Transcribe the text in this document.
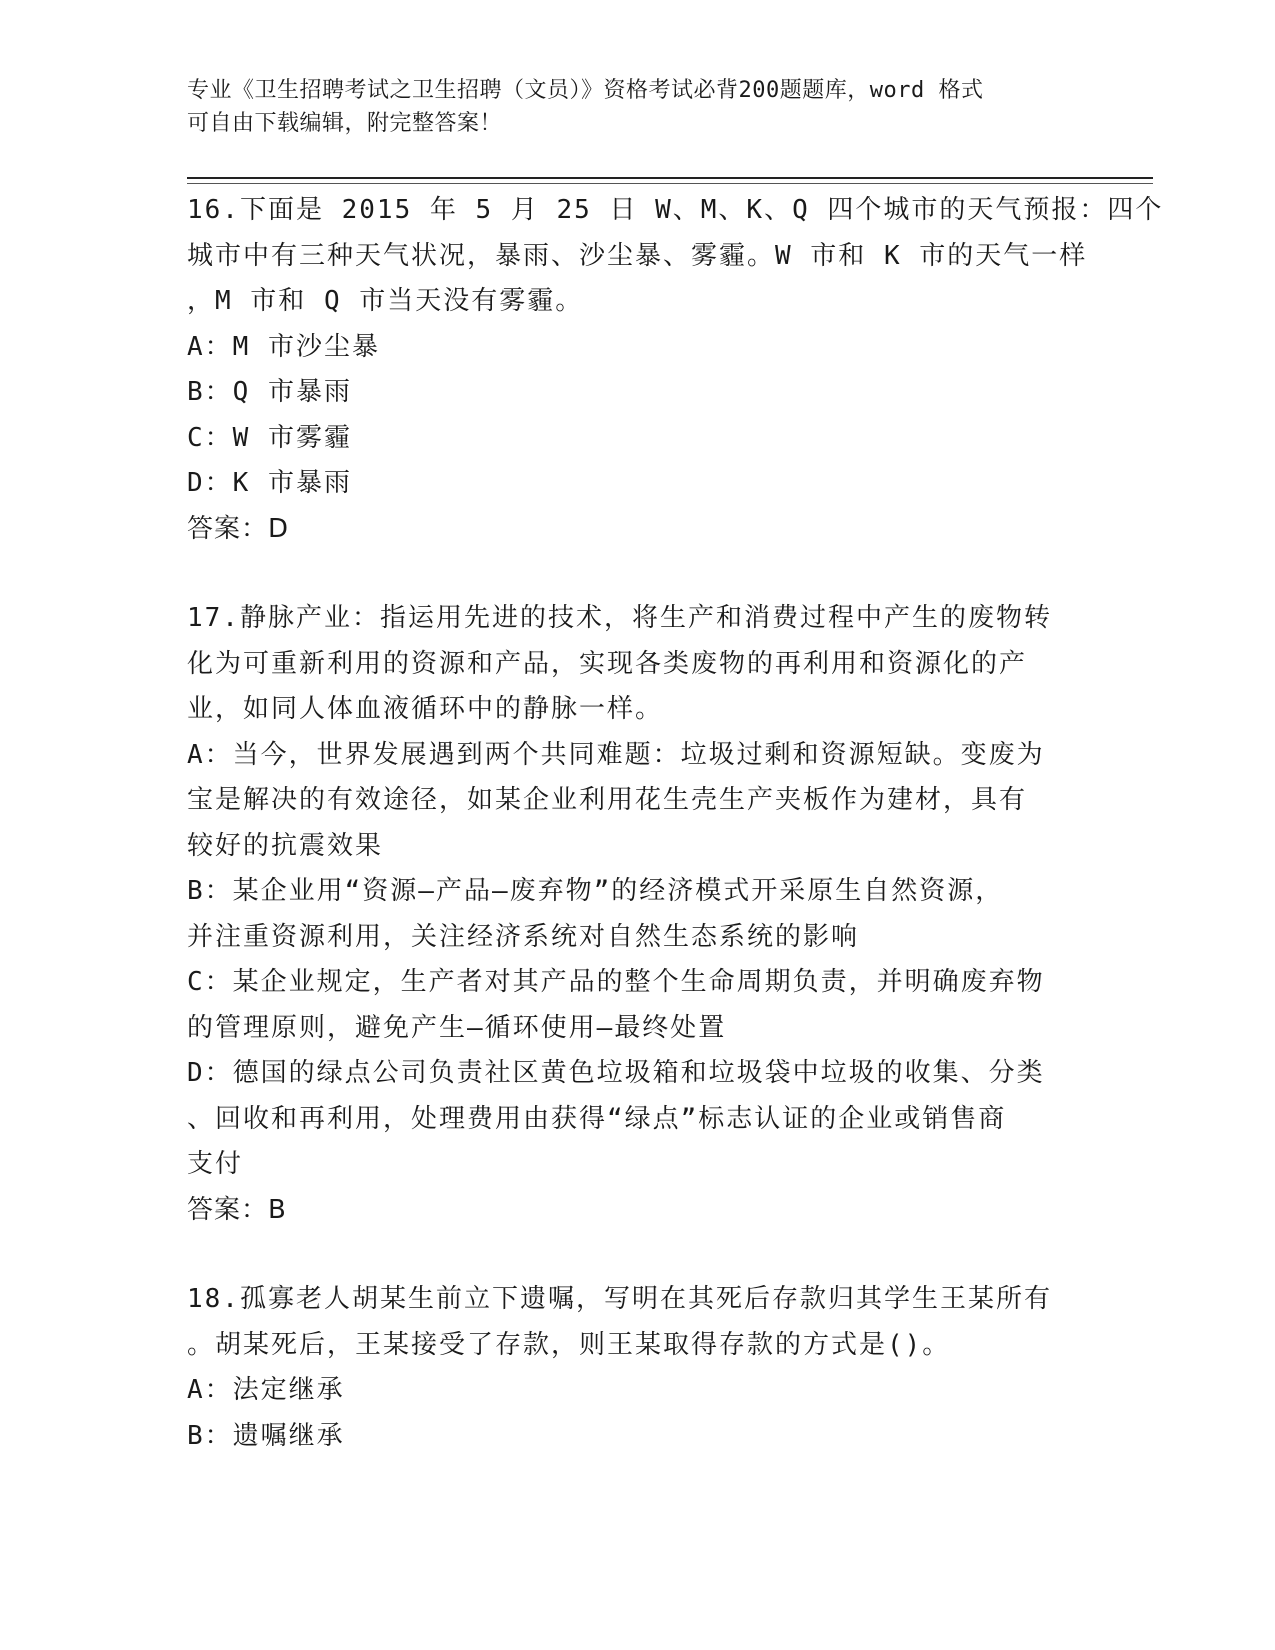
专业《卫生招聘考试之卫生招聘（文员）》资格考试必背200题题库，word 格式
可自由下载编辑，附完整答案！
16.下面是 2015 年 5 月 25 日 W、M、K、Q 四个城市的天气预报：四个
城市中有三种天气状况，暴雨、沙尘暴、雾霾。W 市和 K 市的天气一样
，M 市和 Q 市当天没有雾霾。
A：M 市沙尘暴
B：Q 市暴雨
C：W 市雾霾
D：K 市暴雨
答案：D
17.静脉产业：指运用先进的技术，将生产和消费过程中产生的废物转
化为可重新利用的资源和产品，实现各类废物的再利用和资源化的产
业，如同人体血液循环中的静脉一样。
A：当今，世界发展遇到两个共同难题：垃圾过剩和资源短缺。变废为
宝是解决的有效途径，如某企业利用花生壳生产夹板作为建材，具有
较好的抗震效果
B：某企业用“资源—产品—废弃物”的经济模式开采原生自然资源，
并注重资源利用，关注经济系统对自然生态系统的影响
C：某企业规定，生产者对其产品的整个生命周期负责，并明确废弃物
的管理原则，避免产生—循环使用—最终处置
D：德国的绿点公司负责社区黄色垃圾箱和垃圾袋中垃圾的收集、分类
、回收和再利用，处理费用由获得“绿点”标志认证的企业或销售商
支付
答案：B
18.孤寡老人胡某生前立下遗嘱，写明在其死后存款归其学生王某所有
。胡某死后，王某接受了存款，则王某取得存款的方式是()。
A：法定继承
B：遗嘱继承
